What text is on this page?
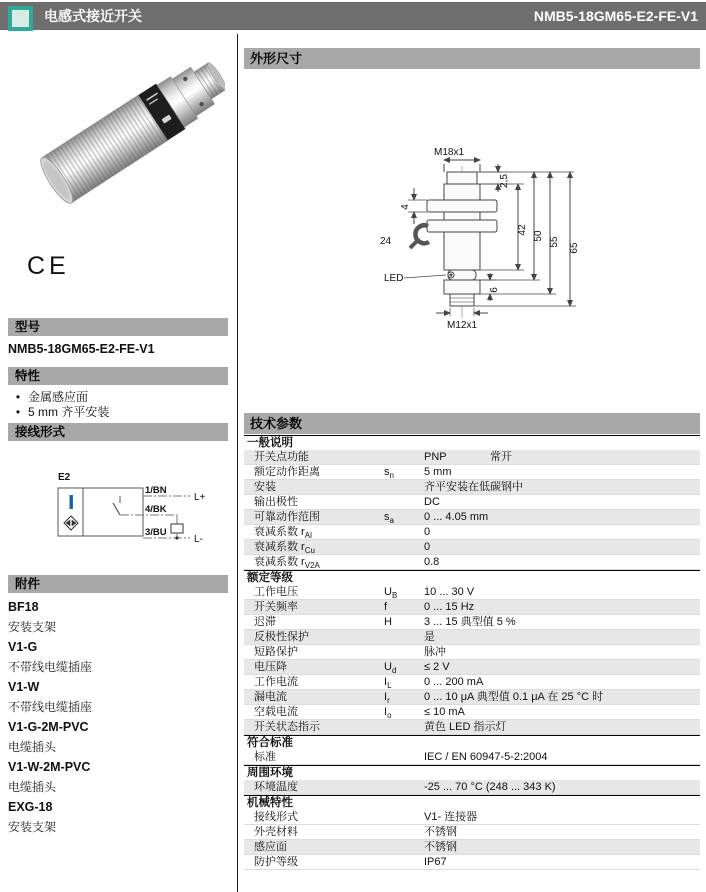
电感式接近开关	NMB5-18GM65-E2-FE-V1
CE
型号
NMB5-18GM65-E2-FE-V1
特性
• 金属感应面
• 5 mm 齐平安装
接线形式
E2
1/BN
4/BK
3/BU
L+
L-
附件
BF18
安装支架
V1-G
不带线电缆插座
V1-W
不带线电缆插座
V1-G-2M-PVC
电缆插头
V1-W-2M-PVC
电缆插头
EXG-18
安装支架
外形尺寸
M18x1
2,5
4
24
42
50
55
65
6
LED
M12x1
技术参数
一般说明
开关点功能	PNP	常开
额定动作距离	$s_n$	5 mm
安装	齐平安装在低碳钢中
输出极性	DC
可靠动作范围	$s_a$	0 ... 4.05 mm
衰减系数 $r_{Al}$	0
衰减系数 $r_{Cu}$	0
衰减系数 $r_{V2A}$	0.8
额定等级
工作电压	$U_B$ 10 ... 30 V
开关频率	f	0 ... 15 Hz
迟滞	H	3 ... 15 典型值 5 %
反极性保护	是
短路保护	脉冲
电压降	$U_d$	≤ 2 V
工作电流	$I_L$	0 ... 200 mA
漏电流	$I_r$	0 ... 10 μA 典型值 0.1 μA 在 25 °C 时
空载电流	$I_o$	≤ 10 mA
开关状态指示	黄色 LED 指示灯
符合标准
标准	IEC / EN 60947-5-2:2004
周围环境
环境温度	-25 ... 70 °C (248 ... 343 K)
机械特性
接线形式	V1- 连接器
外壳材料	不锈钢
感应面	不锈钢
防护等级	IP67
